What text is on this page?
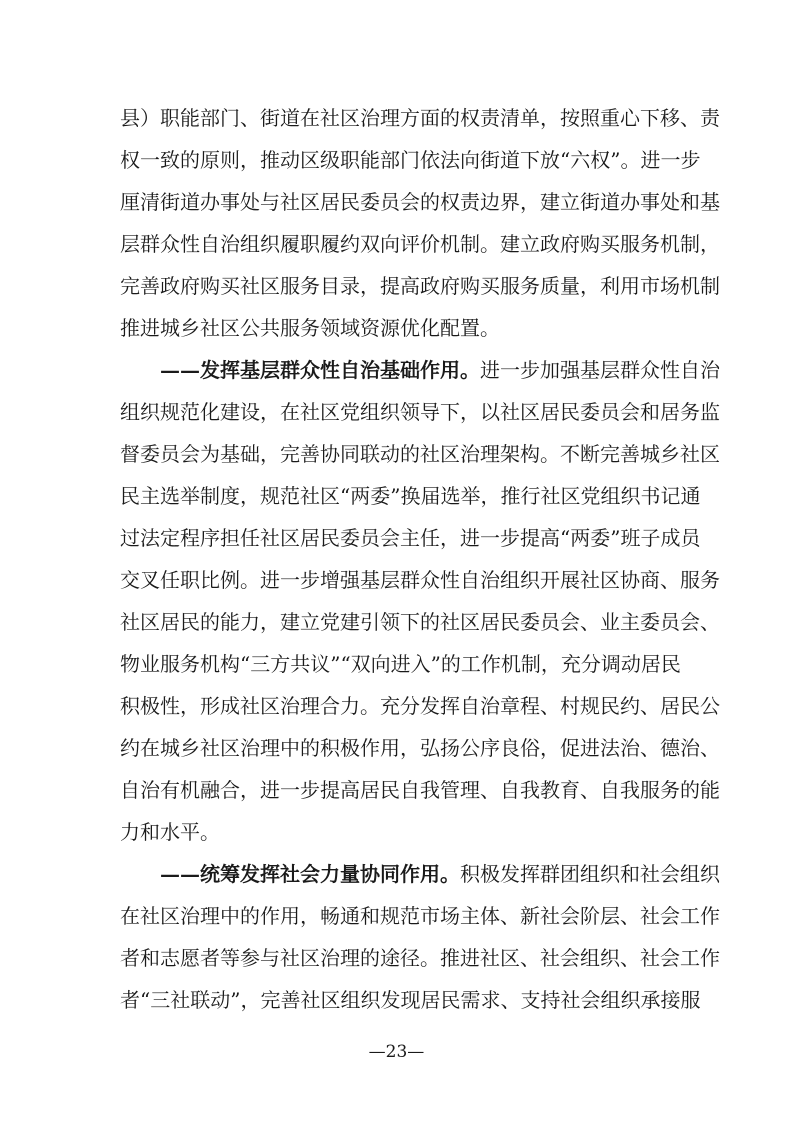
县）职能部门、街道在社区治理方面的权责清单，按照重心下移、责
权一致的原则，推动区级职能部门依法向街道下放“六权”。进一步
厘清街道办事处与社区居民委员会的权责边界，建立街道办事处和基
层群众性自治组织履职履约双向评价机制。建立政府购买服务机制，
完善政府购买社区服务目录，提高政府购买服务质量，利用市场机制
推进城乡社区公共服务领域资源优化配置。
——发挥基层群众性自治基础作用。进一步加强基层群众性自治
组织规范化建设，在社区党组织领导下，以社区居民委员会和居务监
督委员会为基础，完善协同联动的社区治理架构。不断完善城乡社区
民主选举制度，规范社区“两委”换届选举，推行社区党组织书记通
过法定程序担任社区居民委员会主任，进一步提高“两委”班子成员
交叉任职比例。进一步增强基层群众性自治组织开展社区协商、服务
社区居民的能力，建立党建引领下的社区居民委员会、业主委员会、
物业服务机构“三方共议”“双向进入”的工作机制，充分调动居民
积极性，形成社区治理合力。充分发挥自治章程、村规民约、居民公
约在城乡社区治理中的积极作用，弘扬公序良俗，促进法治、德治、
自治有机融合，进一步提高居民自我管理、自我教育、自我服务的能
力和水平。
——统筹发挥社会力量协同作用。积极发挥群团组织和社会组织
在社区治理中的作用，畅通和规范市场主体、新社会阶层、社会工作
者和志愿者等参与社区治理的途径。推进社区、社会组织、社会工作
者“三社联动”，完善社区组织发现居民需求、支持社会组织承接服
—23—
